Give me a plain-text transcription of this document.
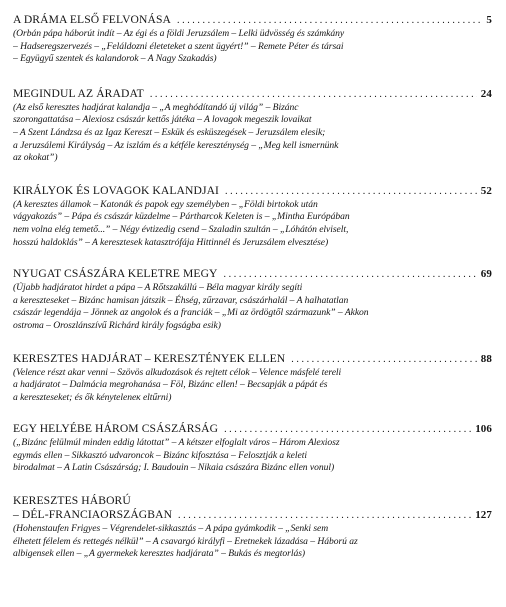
A DRÁMA ELSŐ FELVONÁSA .....	5
(Orbán pápa háborút indít – Az égi és a földi Jeruzsálem – Lelki üdvösség és számkány
– Hadseregszervezés – „Feláldozni életeteket a szent ügyért!” – Remete Péter és társai
– Együgyű szentek és kalandorok – A Nagy Szakadás)
MEGINDUL AZ ÁRADAT .....	24
(Az első keresztes hadjárat kalandja – „A meghódítandó új világ” – Bizánc
szorongattatása – Alexiosz császár kettős játéka – A lovagok megeszik lovaikat
– A Szent Lándzsa és az Igaz Kereszt – Eskük és esküszegések – Jeruzsálem elesik;
a Jeruzsálemi Királyság – Az iszlám és a kétféle kereszténység – „Meg kell ismernünk
az okokat”)
KIRÁLYOK ÉS LOVAGOK KALANDJAI .....	52
(A keresztes államok – Katonák és papok egy személyben – „Földi birtokok után
vágyakozás” – Pápa és császár küzdelme – Pártharcok Keleten is – „Mintha Európában
nem volna elég temető...” – Négy évtizedig csend – Szaladin szultán – „Lóhátón elviselt,
hosszú haldoklás” – A keresztesek katasztrófája Hittinnél és Jeruzsálem elvesztése)
NYUGAT CSÁSZÁRA KELETRE MEGY .....	69
(Újabb hadjáratot hirdet a pápa – A Rőtszakállú – Béla magyar király segíti
a kereszteseket – Bizánc hamisan játszik – Éhség, zűrzavar, császárhalál – A halhatatlan
császár legendája – Jönnek az angolok és a franciák – „Mi az ördögtől származunk” – Akkon
ostroma – Oroszlánszívű Richárd király fogságba esik)
KERESZTES HADJÁRAT – KERESZTÉNYEK ELLEN .....	88
(Velence részt akar venni – Szövös alkudozások és rejtett célok – Velence másfelé tereli
a hadjáratot – Dalmácia megrohanása – Föl, Bizánc ellen! – Becsapják a pápát és
a kereszteseket; és ők kényteleneк eltűrni)
EGY HELYÉBE HÁROM CSÁSZÁRSÁG .....	106
(„Bizánc felülmúl minden eddig látottat” – A kétszer elfoglalt város – Három Alexiosz
egymás ellen – Sikkasztó udvaroncok – Bizánc kifosztása – Felosztják a keleti
birodalmat – A Latin Császárság; I. Baudouin – Nikaia császára Bizánc ellen vonul)
KERESZTES HÁBORÚ
– DÉL-FRANCIAORSZÁGBAN .....	127
(Hohenstaufen Frigyes – Végrendelet-sikkasztás – A pápa gyámkodik – „Senki sem
élhetett félelem és rettegés nélkül” – A csavargó királyfi – Eretnekek lázadása – Háború az
albigensek ellen – „A gyermekek keresztes hadjárata” – Bukás és megtorlás)
